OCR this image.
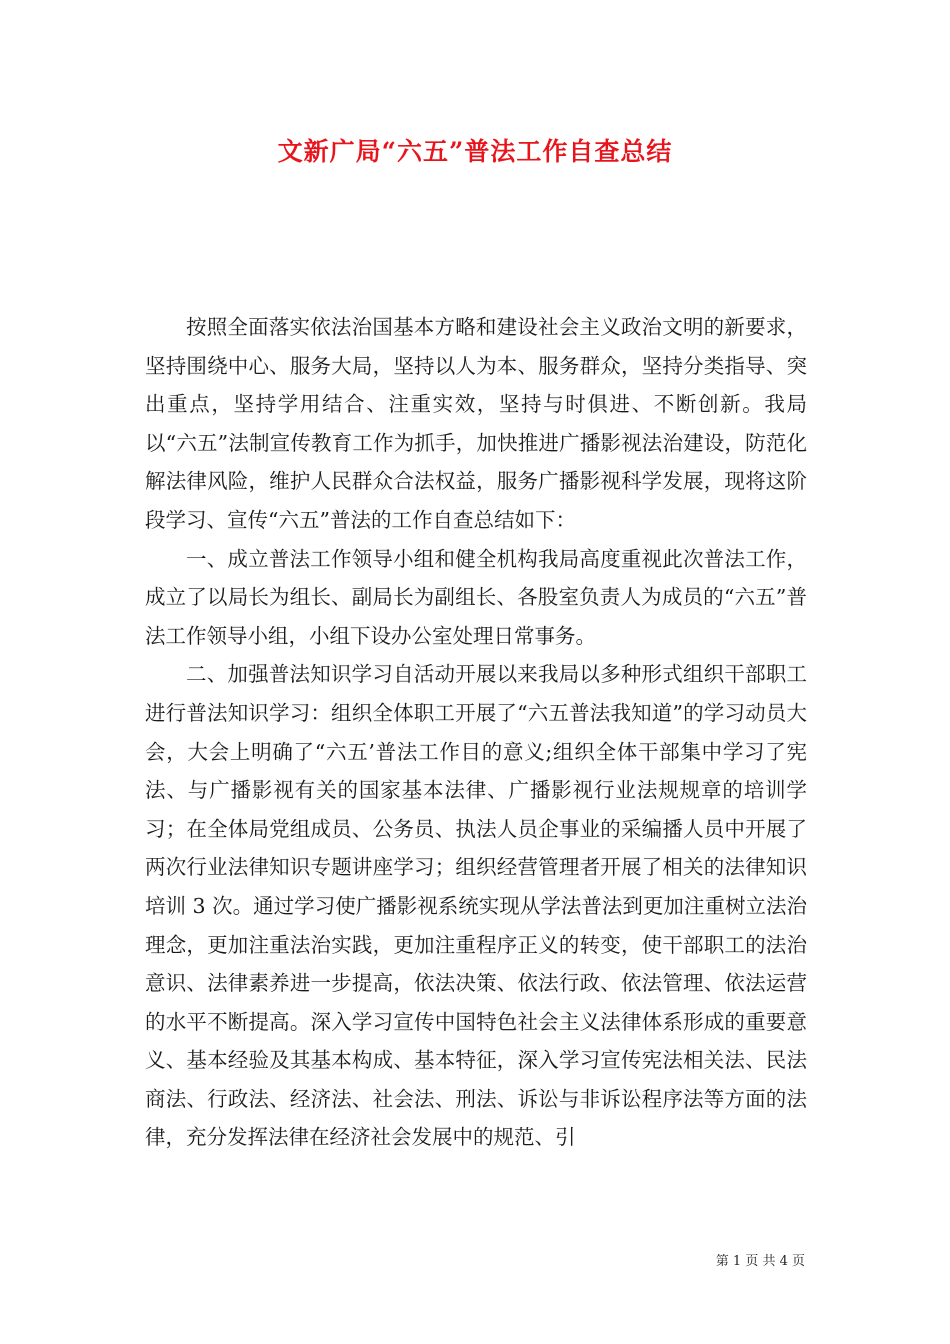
文新广局“六五”普法工作自查总结

按照全面落实依法治国基本方略和建设社会主义政治文明的新要求，坚持围绕中心、服务大局，坚持以人为本、服务群众，坚持分类指导、突出重点，坚持学用结合、注重实效，坚持与时俱进、不断创新。我局以“六五”法制宣传教育工作为抓手，加快推进广播影视法治建设，防范化解法律风险，维护人民群众合法权益，服务广播影视科学发展，现将这阶段学习、宣传“六五”普法的工作自查总结如下：

一、成立普法工作领导小组和健全机构我局高度重视此次普法工作，成立了以局长为组长、副局长为副组长、各股室负责人为成员的“六五”普法工作领导小组，小组下设办公室处理日常事务。

二、加强普法知识学习自活动开展以来我局以多种形式组织干部职工进行普法知识学习：组织全体职工开展了“六五普法我知道”的学习动员大会，大会上明确了“六五’普法工作目的意义;组织全体干部集中学习了宪法、与广播影视有关的国家基本法律、广播影视行业法规规章的培训学习；在全体局党组成员、公务员、执法人员企事业的采编播人员中开展了两次行业法律知识专题讲座学习；组织经营管理者开展了相关的法律知识培训 3 次。通过学习使广播影视系统实现从学法普法到更加注重树立法治理念，更加注重法治实践，更加注重程序正义的转变，使干部职工的法治意识、法律素养进一步提高，依法决策、依法行政、依法管理、依法运营的水平不断提高。深入学习宣传中国特色社会主义法律体系形成的重要意义、基本经验及其基本构成、基本特征，深入学习宣传宪法相关法、民法商法、行政法、经济法、社会法、刑法、诉讼与非诉讼程序法等方面的法律，充分发挥法律在经济社会发展中的规范、引

第 1 页 共 4 页
